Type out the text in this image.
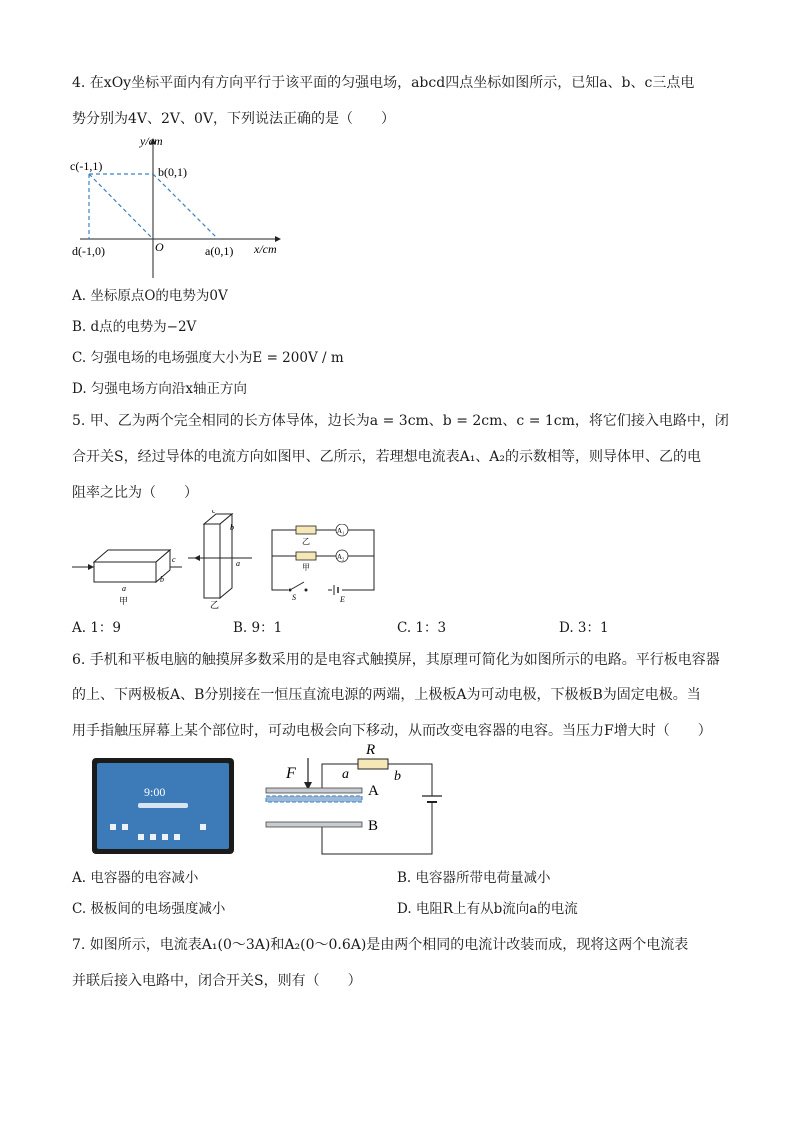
4. 在xOy坐标平面内有方向平行于该平面的匀强电场，abcd四点坐标如图所示，已知a、b、c三点电
势分别为4V、2V、0V，下列说法正确的是（　　）
y/cm
x/cm
c(-1,1)	b(0,1)
d(-1,0)	a(0,1)
O
A. 坐标原点O的电势为0V
B. d点的电势为−2V
C. 匀强电场的电场强度大小为E = 200V / m
D. 匀强电场方向沿x轴正方向
5. 甲、乙为两个完全相同的长方体导体，边长为a = 3cm、b = 2cm、c = 1cm，将它们接入电路中，闭
合开关S，经过导体的电流方向如图甲、乙所示，若理想电流表A₁、A₂的示数相等，则导体甲、乙的电
阻率之比为（　　）
c
b
a
甲
c
b
a
乙
A₁
乙
A₂
甲
S	E
A. 1：9	B. 9：1	C. 1：3	D. 3：1
6. 手机和平板电脑的触摸屏多数采用的是电容式触摸屏，其原理可简化为如图所示的电路。平行板电容器
的上、下两极板A、B分别接在一恒压直流电源的两端，上极板A为可动电极，下极板B为固定电极。当
用手指触压屏幕上某个部位时，可动电极会向下移动，从而改变电容器的电容。当压力F增大时（　　）
9:00
F
R
a	b
A
B
A. 电容器的电容减小	B. 电容器所带电荷量减小
C. 极板间的电场强度减小	D. 电阻R上有从b流向a的电流
7. 如图所示，电流表A₁(0～3A)和A₂(0～0.6A)是由两个相同的电流计改装而成，现将这两个电流表
并联后接入电路中，闭合开关S，则有（　　）
